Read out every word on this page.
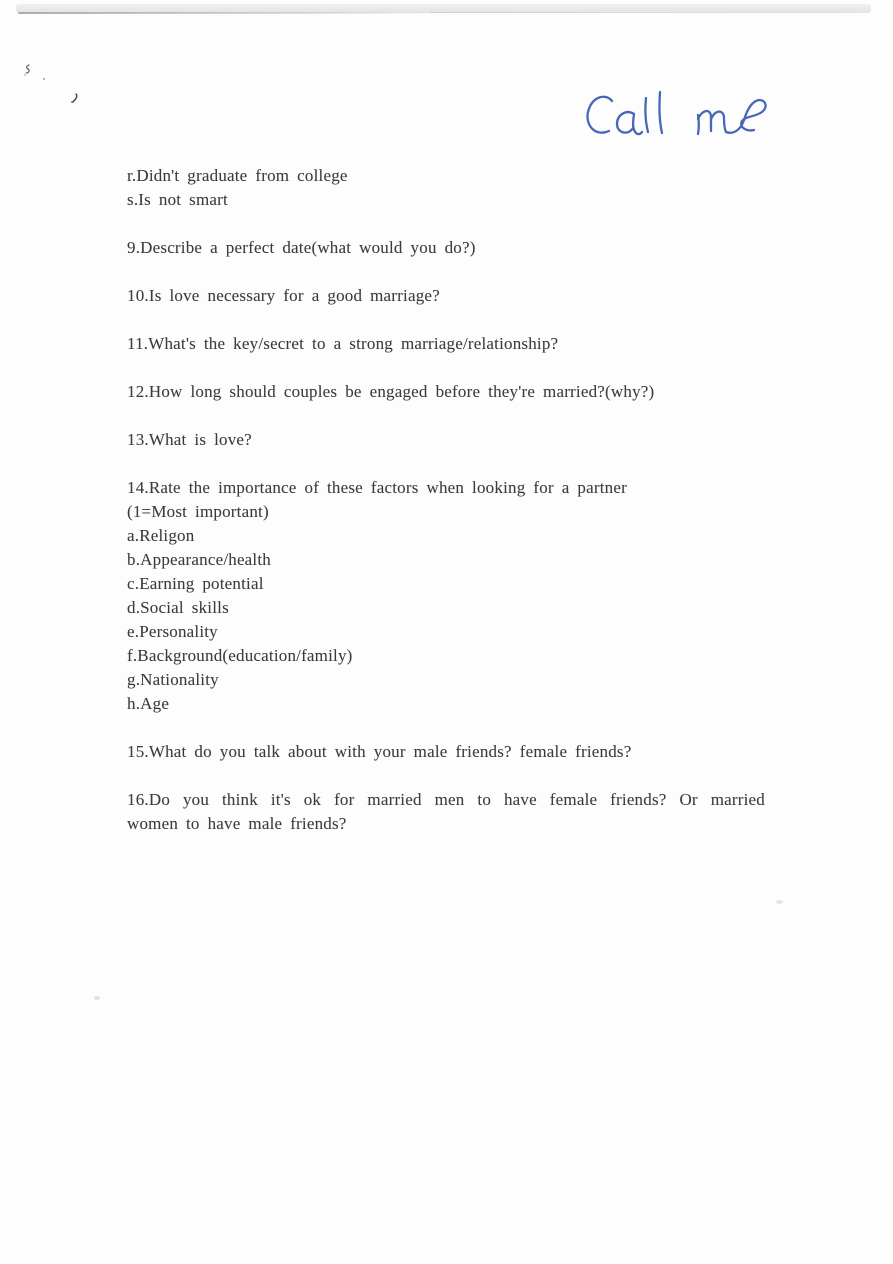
r.Didn't graduate from college
s.Is not smart
9.Describe a perfect date(what would you do?)
10.Is love necessary for a good marriage?
11.What's the key/secret to a strong marriage/relationship?
12.How long should couples be engaged before they're married?(why?)
13.What is love?
14.Rate the importance of these factors when looking for a partner
(1=Most important)
a.Religon
b.Appearance/health
c.Earning potential
d.Social skills
e.Personality
f.Background(education/family)
g.Nationality
h.Age
15.What do you talk about with your male friends? female friends?
16.Do you think it's ok for married men to have female friends? Or married
women to have male friends?
